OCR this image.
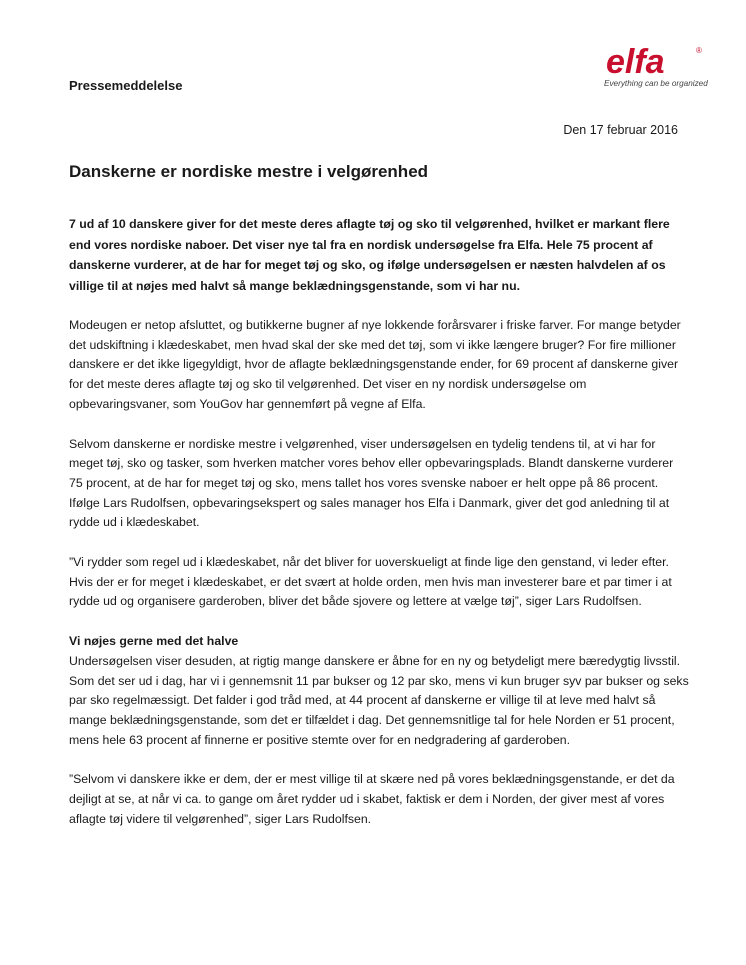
elfa	®
Everything can be organized
Pressemeddelelse
Den 17 februar 2016
Danskerne er nordiske mestre i velgørenhed

7 ud af 10 danskere giver for det meste deres aflagte tøj og sko til velgørenhed, hvilket er markant flere end vores nordiske naboer. Det viser nye tal fra en nordisk undersøgelse fra Elfa. Hele 75 procent af danskerne vurderer, at de har for meget tøj og sko, og ifølge undersøgelsen er næsten halvdelen af os villige til at nøjes med halvt så mange beklædningsgenstande, som vi har nu.

Modeugen er netop afsluttet, og butikkerne bugner af nye lokkende forårsvarer i friske farver. For mange betyder det udskiftning i klædeskabet, men hvad skal der ske med det tøj, som vi ikke længere bruger? For fire millioner danskere er det ikke ligegyldigt, hvor de aflagte beklædningsgenstande ender, for 69 procent af danskerne giver for det meste deres aflagte tøj og sko til velgørenhed. Det viser en ny nordisk undersøgelse om opbevaringsvaner, som YouGov har gennemført på vegne af Elfa.

Selvom danskerne er nordiske mestre i velgørenhed, viser undersøgelsen en tydelig tendens til, at vi har for meget tøj, sko og tasker, som hverken matcher vores behov eller opbevaringsplads. Blandt danskerne vurderer 75 procent, at de har for meget tøj og sko, mens tallet hos vores svenske naboer er helt oppe på 86 procent. Ifølge Lars Rudolfsen, opbevaringsekspert og sales manager hos Elfa i Danmark, giver det god anledning til at rydde ud i klædeskabet.

”Vi rydder som regel ud i klædeskabet, når det bliver for uoverskueligt at finde lige den genstand, vi leder efter. Hvis der er for meget i klædeskabet, er det svært at holde orden, men hvis man investerer bare et par timer i at rydde ud og organisere garderoben, bliver det både sjovere og lettere at vælge tøj”, siger Lars Rudolfsen.

Vi nøjes gerne med det halve

Undersøgelsen viser desuden, at rigtig mange danskere er åbne for en ny og betydeligt mere bæredygtig livsstil. Som det ser ud i dag, har vi i gennemsnit 11 par bukser og 12 par sko, mens vi kun bruger syv par bukser og seks par sko regelmæssigt. Det falder i god tråd med, at 44 procent af danskerne er villige til at leve med halvt så mange beklædningsgenstande, som det er tilfældet i dag. Det gennemsnitlige tal for hele Norden er 51 procent, mens hele 63 procent af finnerne er positive stemte over for en nedgradering af garderoben.

”Selvom vi danskere ikke er dem, der er mest villige til at skære ned på vores beklædningsgenstande, er det da dejligt at se, at når vi ca. to gange om året rydder ud i skabet, faktisk er dem i Norden, der giver mest af vores aflagte tøj videre til velgørenhed”, siger Lars Rudolfsen.
